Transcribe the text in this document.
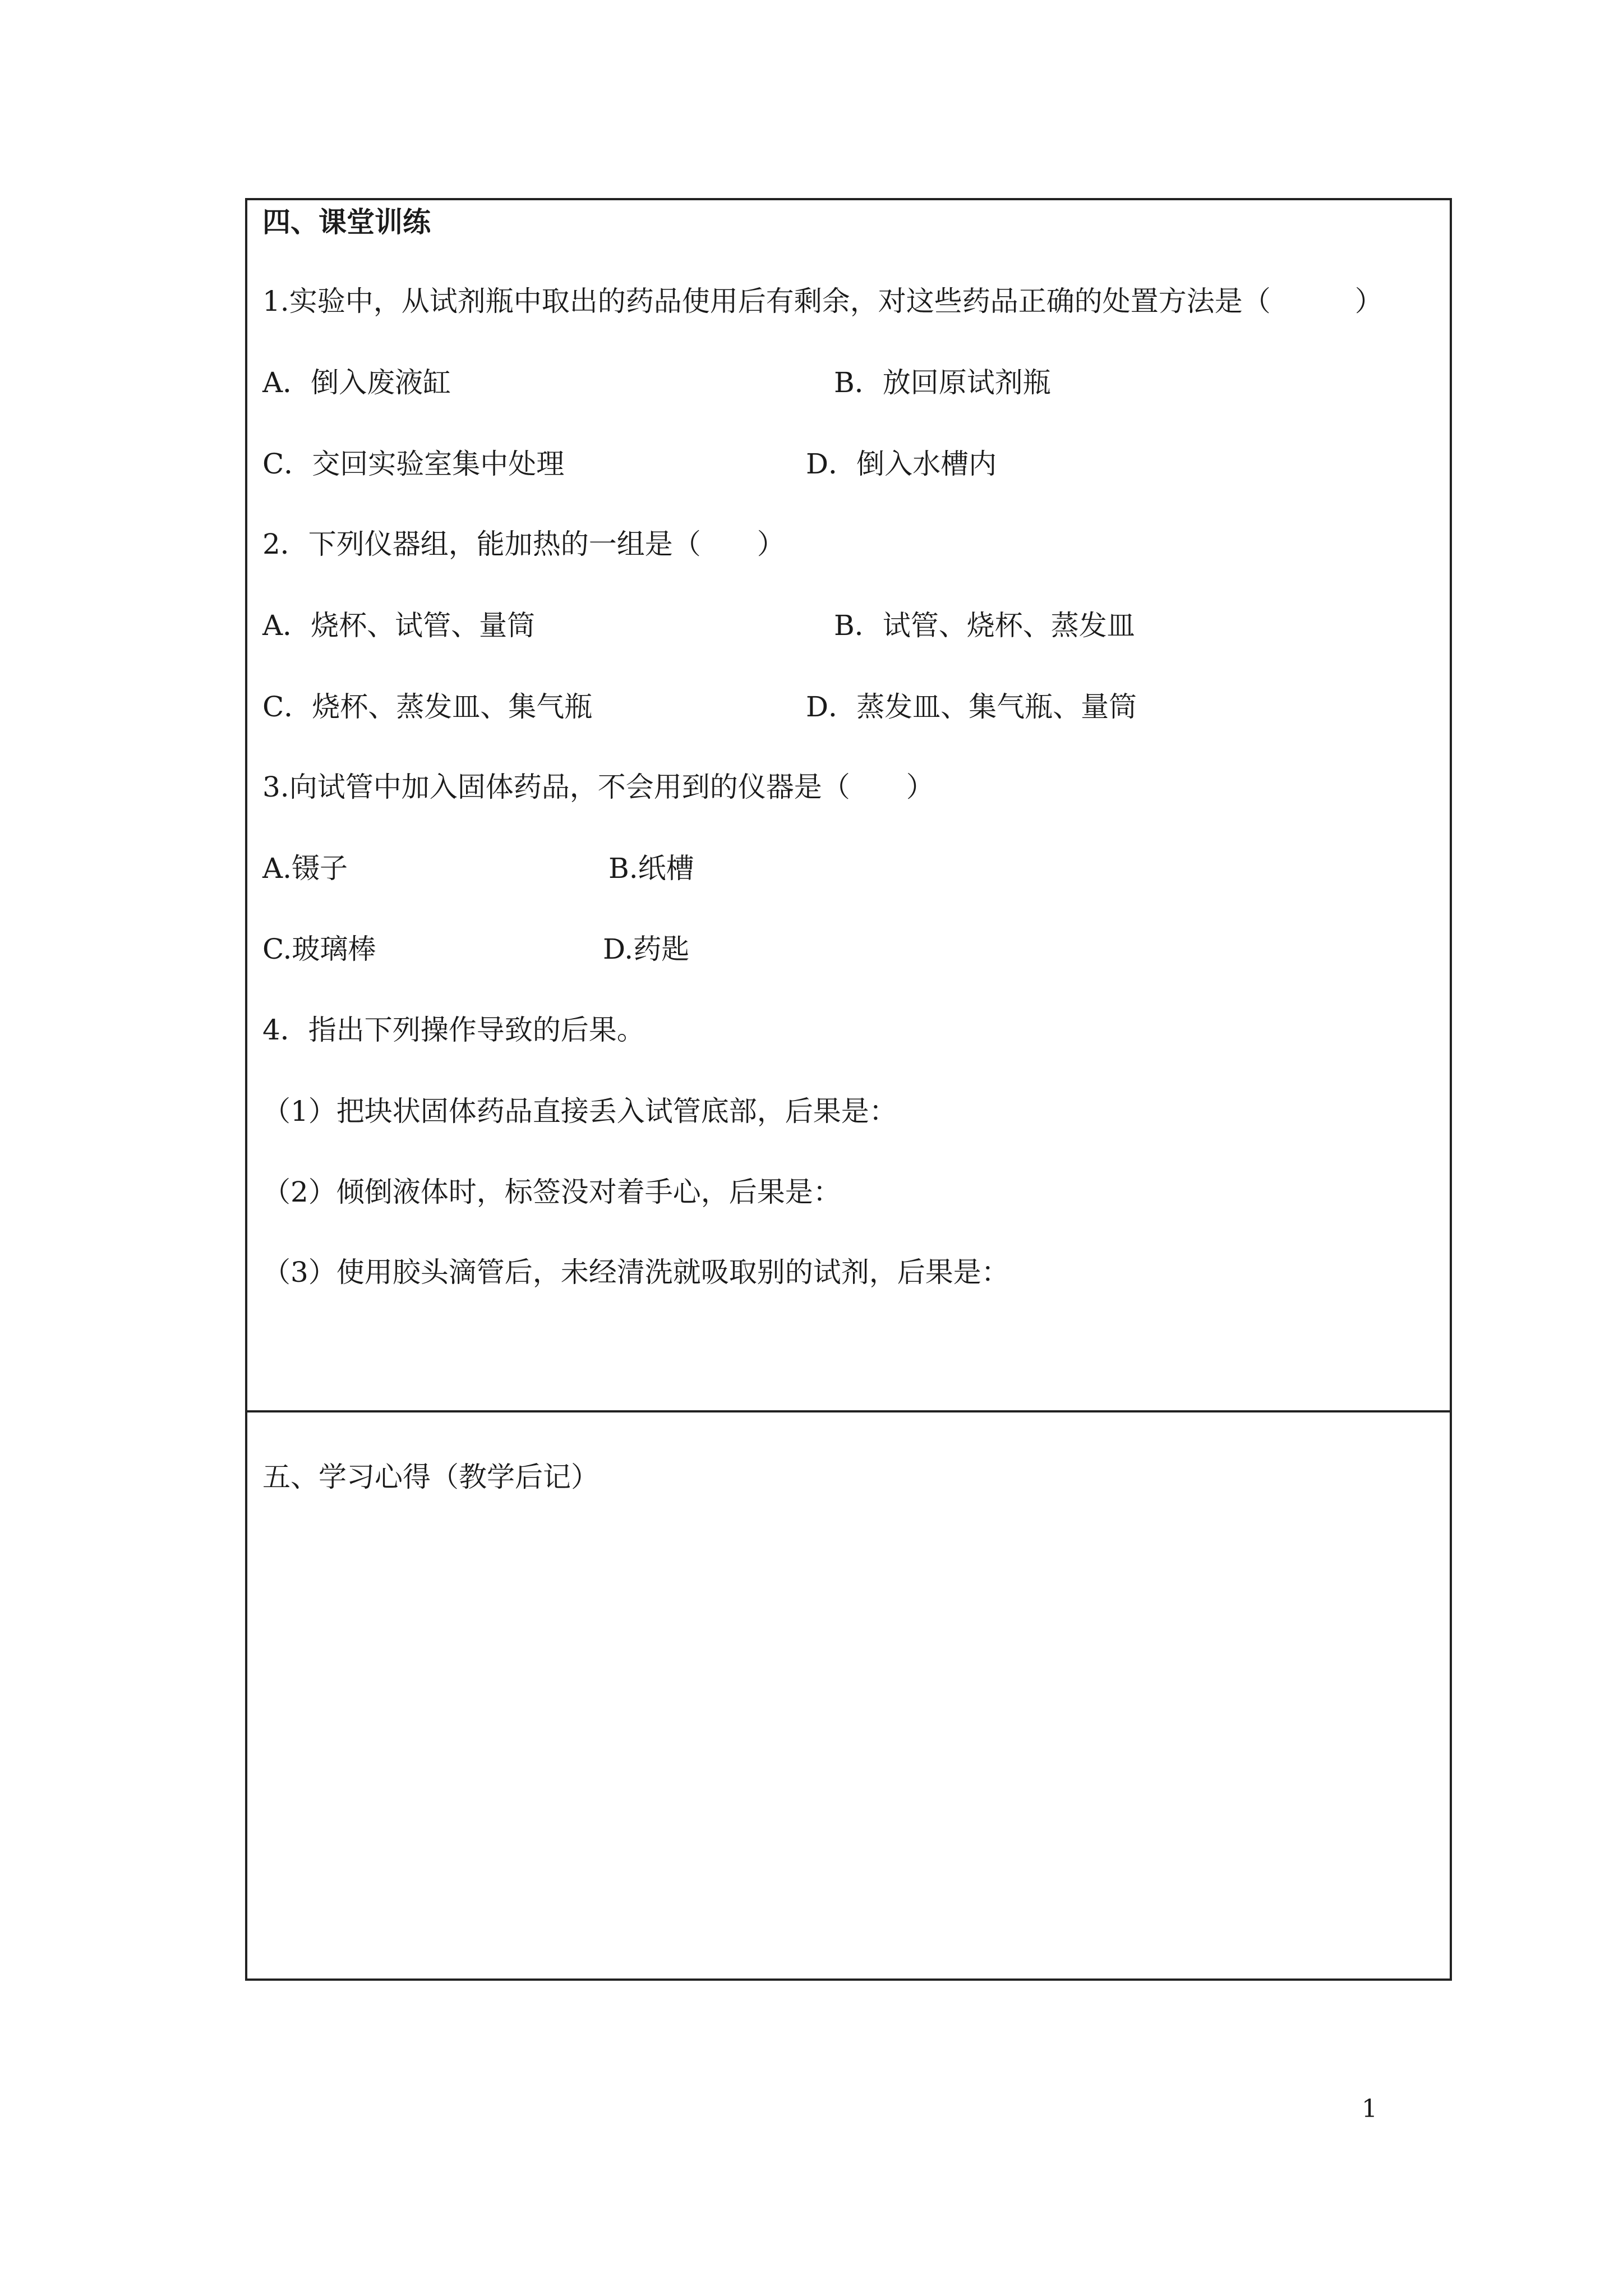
四、课堂训练
1.实验中，从试剂瓶中取出的药品使用后有剩余，对这些药品正确的处置方法是（　　　）
A．倒入废液缸	B．放回原试剂瓶
C．交回实验室集中处理	D．倒入水槽内
2．下列仪器组，能加热的一组是（　　）
A．烧杯、试管、量筒	B．试管、烧杯、蒸发皿
C．烧杯、蒸发皿、集气瓶	D．蒸发皿、集气瓶、量筒
3.向试管中加入固体药品，不会用到的仪器是（　　）
A.镊子	B.纸槽
C.玻璃棒	D.药匙
4．指出下列操作导致的后果。
（1）把块状固体药品直接丢入试管底部，后果是：
（2）倾倒液体时，标签没对着手心，后果是：
（3）使用胶头滴管后，未经清洗就吸取别的试剂，后果是：
五、学习心得（教学后记）
1
